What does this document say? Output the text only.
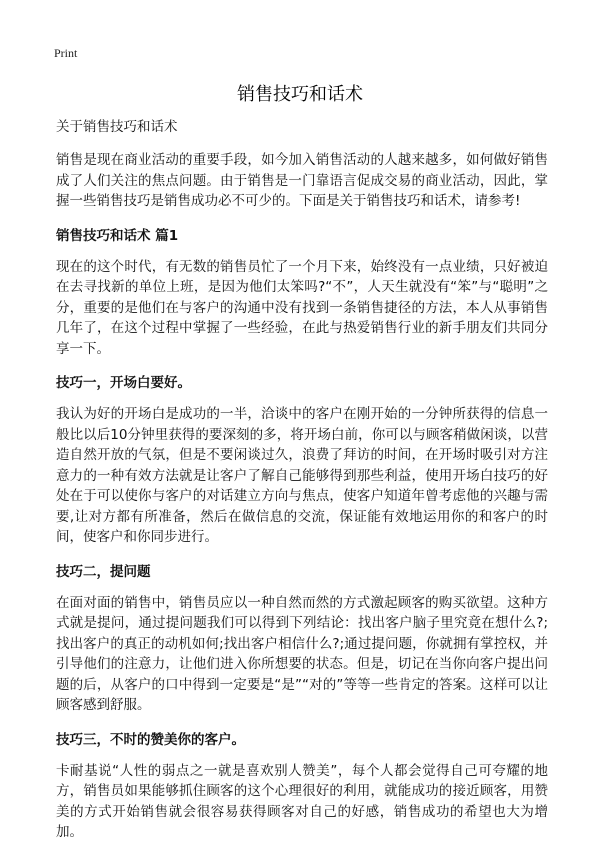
Print
销售技巧和话术

关于销售技巧和话术

销售是现在商业活动的重要手段，如今加入销售活动的人越来越多，如何做好销售成了人们关注的焦点问题。由于销售是一门靠语言促成交易的商业活动，因此，掌握一些销售技巧是销售成功必不可少的。下面是关于销售技巧和话术，请参考!

销售技巧和话术 篇1

现在的这个时代，有无数的销售员忙了一个月下来，始终没有一点业绩，只好被迫在去寻找新的单位上班，是因为他们太笨吗?“不”，人天生就没有“笨”与“聪明”之分，重要的是他们在与客户的沟通中没有找到一条销售捷径的方法，本人从事销售几年了，在这个过程中掌握了一些经验，在此与热爱销售行业的新手朋友们共同分享一下。

技巧一，开场白要好。

我认为好的开场白是成功的一半，洽谈中的客户在刚开始的一分钟所获得的信息一般比以后10分钟里获得的要深刻的多，将开场白前，你可以与顾客稍做闲谈，以营造自然开放的气氛，但是不要闲谈过久，浪费了拜访的时间，在开场时吸引对方注意力的一种有效方法就是让客户了解自己能够得到那些利益，使用开场白技巧的好处在于可以使你与客户的对话建立方向与焦点，使客户知道年曾考虑他的兴趣与需要,让对方都有所准备，然后在做信息的交流，保证能有效地运用你的和客户的时间，使客户和你同步进行。

技巧二，提问题

在面对面的销售中，销售员应以一种自然而然的方式激起顾客的购买欲望。这种方式就是提问，通过提问题我们可以得到下列结论：找出客户脑子里究竟在想什么?;找出客户的真正的动机如何;找出客户相信什么?;通过提问题，你就拥有掌控权，并引导他们的注意力，让他们进入你所想要的状态。但是，切记在当你向客户提出问题的后，从客户的口中得到一定要是“是”“对的”等等一些肯定的答案。这样可以让顾客感到舒服。

技巧三，不时的赞美你的客户。

卡耐基说“人性的弱点之一就是喜欢别人赞美”，每个人都会觉得自己可夸耀的地方，销售员如果能够抓住顾客的这个心理很好的利用，就能成功的接近顾客，用赞美的方式开始销售就会很容易获得顾客对自己的好感，销售成功的希望也大为增加。
